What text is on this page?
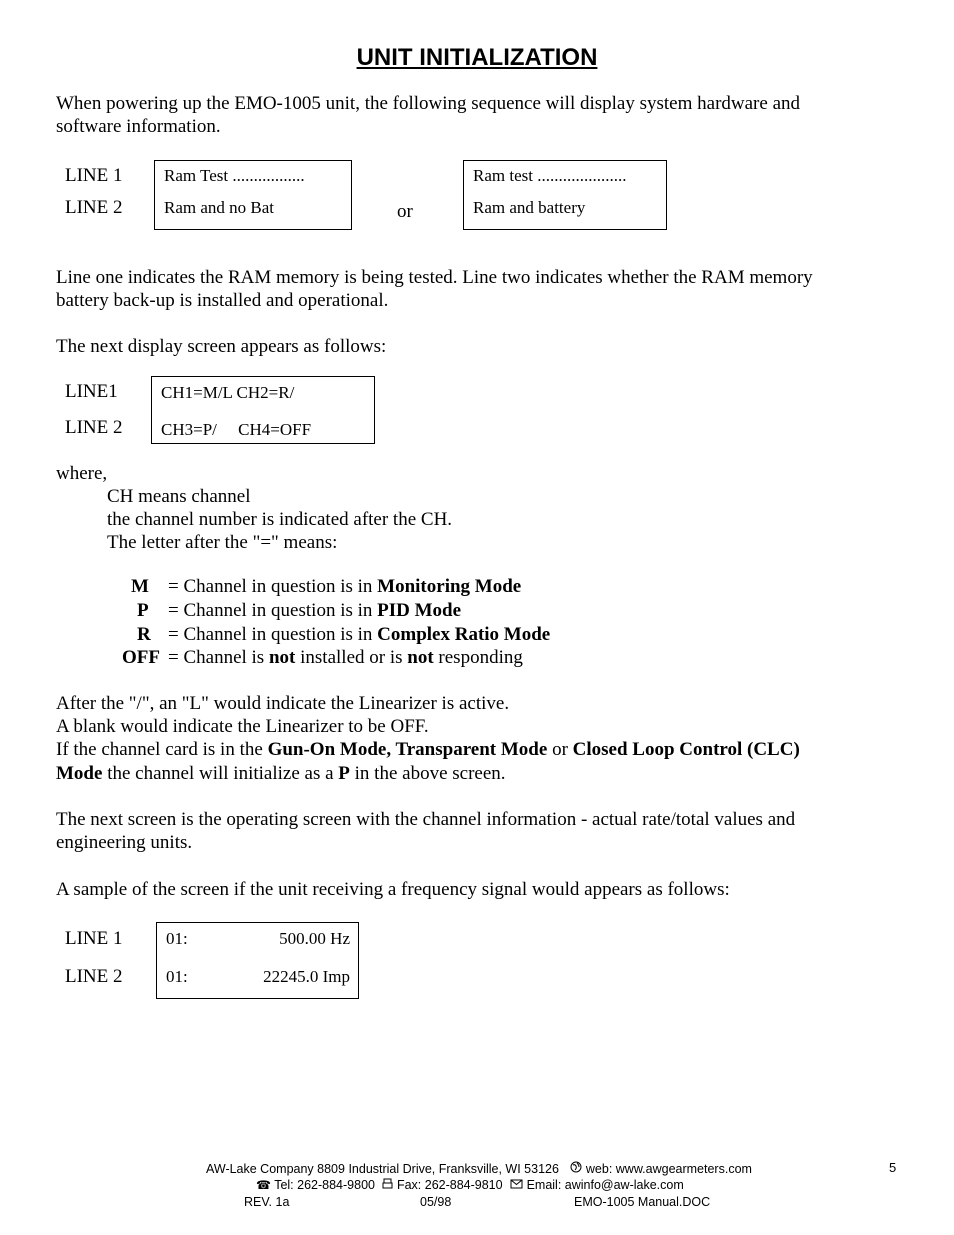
UNIT INITIALIZATION
When powering up the EMO-1005 unit, the following sequence will display system hardware and
software information.
LINE 1
LINE 2
Ram Test .................
Ram and no Bat	or
Ram test .....................
Ram and battery
Line one indicates the RAM memory is being tested. Line two indicates whether the RAM memory
battery back-up is installed and operational.
The next display screen appears as follows:
LINE1
LINE 2
CH1=M/L CH2=R/
CH3=P/     CH4=OFF
where,
CH means channel
the channel number is indicated after the CH.
The letter after the "=" means:
M = Channel in question is in Monitoring Mode
P = Channel in question is in PID Mode
R = Channel in question is in Complex Ratio Mode
OFF = Channel is not installed or is not responding
After the "/", an "L" would indicate the Linearizer is active.
A blank would indicate the Linearizer to be OFF.
If the channel card is in the Gun-On Mode, Transparent Mode or Closed Loop Control (CLC)
Mode the channel will initialize as a P in the above screen.
The next screen is the operating screen with the channel information - actual rate/total values and
engineering units.
A sample of the screen if the unit receiving a frequency signal would appears as follows:
LINE 1
LINE 2
01:	500.00 Hz
01:	22245.0 Imp
AW-Lake Company 8809 Industrial Drive, Franksville, WI 53126 web: www.awgearmeters.com
☎ Tel: 262-884-9800 Fax: 262-884-9810 Email: awinfo@aw-lake.com
REV. 1a	05/98	EMO-1005 Manual.DOC
5
